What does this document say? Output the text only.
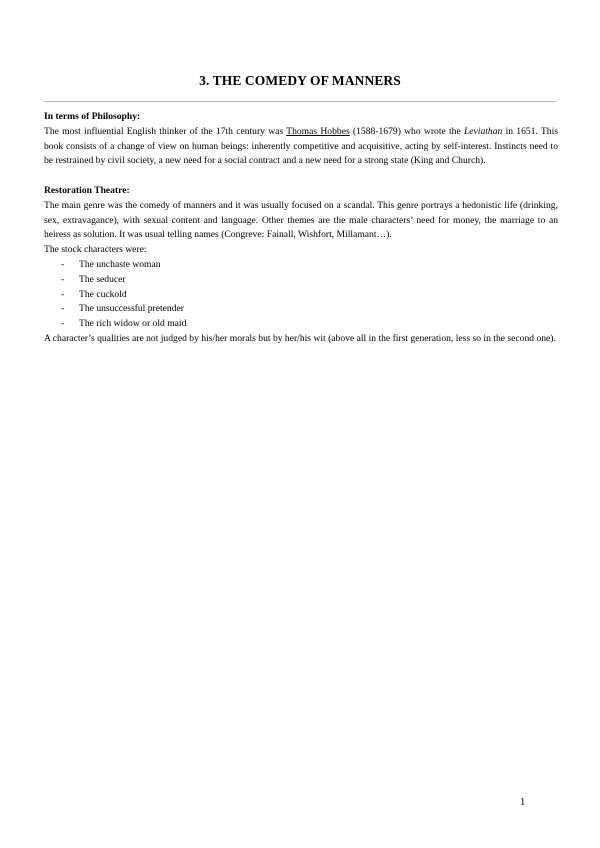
3. THE COMEDY OF MANNERS

In terms of Philosophy:

The most influential English thinker of the 17th century was Thomas Hobbes (1588-1679) who wrote the Leviathan in 1651. This book consists of a change of view on human beings: inherently competitive and acquisitive, acting by self-interest. Instincts need to be restrained by civil society, a new need for a social contract and a new need for a strong state (King and Church).

Restoration Theatre:

The main genre was the comedy of manners and it was usually focused on a scandal. This genre portrays a hedonistic life (drinking, sex, extravagance), with sexual content and language. Other themes are the male characters’ need for money, the marriage to an heiress as solution. It was usual telling names (Congreve: Fainall, Wishfort, Millamant…).

The stock characters were:

- The unchaste woman
- The seducer
- The cuckold
- The unsuccessful pretender
- The rich widow or old maid

A character’s qualities are not judged by his/her morals but by her/his wit (above all in the first generation, less so in the second one).

1
